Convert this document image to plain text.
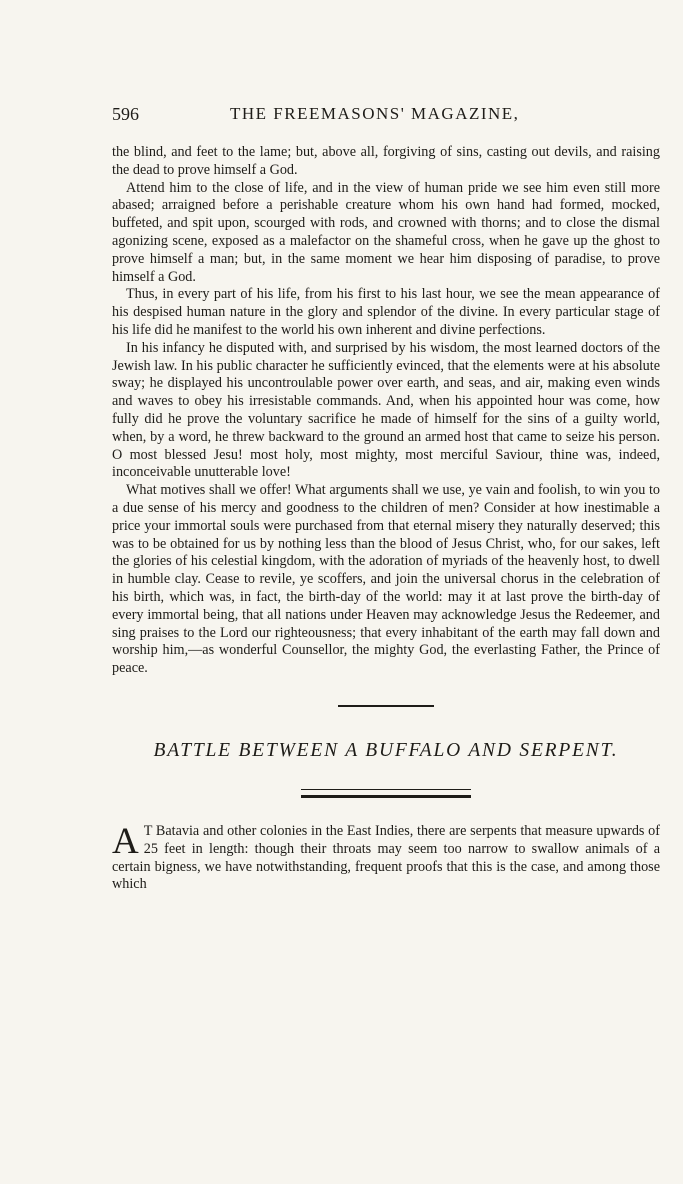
596	THE FREEMASONS' MAGAZINE,

the blind, and feet to the lame; but, above all, forgiving of sins, casting out devils, and raising the dead to prove himself a God.

Attend him to the close of life, and in the view of human pride we see him even still more abased; arraigned before a perishable creature whom his own hand had formed, mocked, buffeted, and spit upon, scourged with rods, and crowned with thorns; and to close the dismal agonizing scene, exposed as a malefactor on the shameful cross, when he gave up the ghost to prove himself a man; but, in the same moment we hear him disposing of paradise, to prove himself a God.

Thus, in every part of his life, from his first to his last hour, we see the mean appearance of his despised human nature in the glory and splendor of the divine. In every particular stage of his life did he manifest to the world his own inherent and divine perfections.

In his infancy he disputed with, and surprised by his wisdom, the most learned doctors of the Jewish law. In his public character he sufficiently evinced, that the elements were at his absolute sway; he displayed his uncontroulable power over earth, and seas, and air, making even winds and waves to obey his irresistable commands. And, when his appointed hour was come, how fully did he prove the voluntary sacrifice he made of himself for the sins of a guilty world, when, by a word, he threw backward to the ground an armed host that came to seize his person. O most blessed Jesu! most holy, most mighty, most merciful Saviour, thine was, indeed, inconceivable unutterable love!

What motives shall we offer! What arguments shall we use, ye vain and foolish, to win you to a due sense of his mercy and goodness to the children of men? Consider at how inestimable a price your immortal souls were purchased from that eternal misery they naturally deserved; this was to be obtained for us by nothing less than the blood of Jesus Christ, who, for our sakes, left the glories of his celestial kingdom, with the adoration of myriads of the heavenly host, to dwell in humble clay. Cease to revile, ye scoffers, and join the universal chorus in the celebration of his birth, which was, in fact, the birth-day of the world: may it at last prove the birth-day of every immortal being, that all nations under Heaven may acknowledge Jesus the Redeemer, and sing praises to the Lord our righteousness; that every inhabitant of the earth may fall down and worship him,—as wonderful Counsellor, the mighty God, the everlasting Father, the Prince of peace.

BATTLE BETWEEN A BUFFALO AND SERPENT.
A T Batavia and other colonies in the East Indies, there are serpents that measure upwards of 25 feet in length: though their throats may seem too narrow to swallow animals of a certain bigness, we have notwithstanding, frequent proofs that this is the case, and among those which
